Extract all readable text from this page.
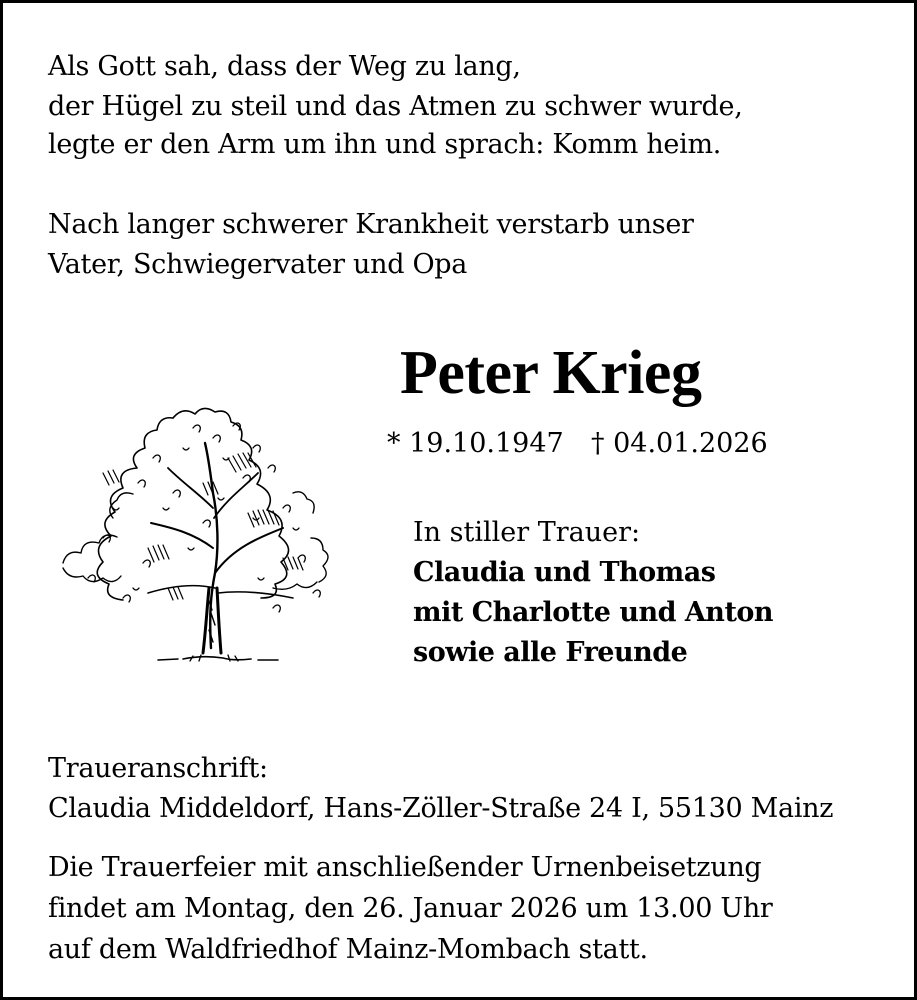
Als Gott sah, dass der Weg zu lang,
der Hügel zu steil und das Atmen zu schwer wurde,
legte er den Arm um ihn und sprach: Komm heim.
Nach langer schwerer Krankheit verstarb unser
Vater, Schwiegervater und Opa
Peter Krieg
* 19.10.1947 † 04.01.2026
In stiller Trauer:
Claudia und Thomas
mit Charlotte und Anton
sowie alle Freunde
Traueranschrift:
Claudia Middeldorf, Hans-Zöller-Straße 24 I, 55130 Mainz
Die Trauerfeier mit anschließender Urnenbeisetzung
findet am Montag, den 26. Januar 2026 um 13.00 Uhr
auf dem Waldfriedhof Mainz-Mombach statt.
